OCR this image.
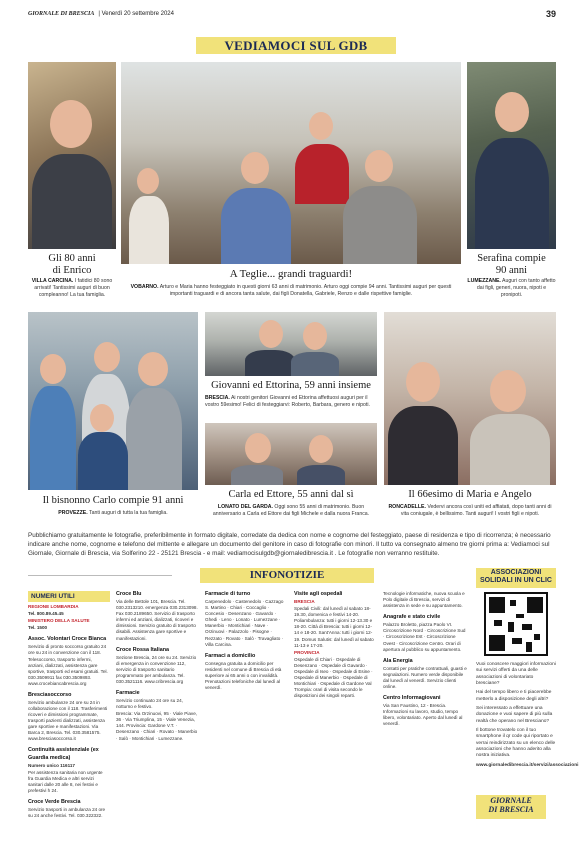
GIORNALE DI BRESCIA | Venerdì 20 settembre 2024	39
VEDIAMOCI SUL GDB
Gli 80 anni
di Enrico
VILLA CARCINA. I fatidici 80 sono arrivati! Tantissimi auguri di buon compleanno! La tua famiglia.
A Teglie... grandi traguardi!
VOBARNO. Arturo e Maria hanno festeggiato in questi giorni 63 anni di matrimonio. Arturo oggi compie 94 anni. Tantissimi auguri per questi importanti traguardi e di ancora tanta salute, dai figli Donatella, Gabriele, Renzo e dalle rispettive famiglie.
Serafina compie
90 anni
LUMEZZANE. Auguri con tanto affetto dai figli, generi, nuora, nipoti e pronipoti.
Giovanni ed Ettorina, 59 anni insieme
BRESCIA. Ai nostri genitori Giovanni ed Ettorina affettuosi auguri per il vostro 59esimo! Felici di festeggiarvi: Roberto, Barbara, genero e nipoti.
Il bisnonno Carlo compie 91 anni
PROVEZZE. Tanti auguri di tutta la tua famiglia.
Carla ed Ettore, 55 anni dal sì
LONATO DEL GARDA. Oggi sono 55 anni di matrimonio. Buon anniversario a Carla ed Ettore dai figli Michele e dalla nuora Franca.
Il 66esimo di Maria e Angelo
RONCADELLE. Vedervi ancora così uniti ed affiatati, dopo tanti anni di vita coniugale, è bellissimo. Tanti auguri! I vostri figli e nipoti.
Pubblichiamo gratuitamente le fotografie, preferibilmente in formato digitale, corredate da dedica con nome e cognome del festeggiato, paese di residenza e tipo di ricorrenza; è necessario indicare anche nome, cognome e telefono del mittente e allegare un documento del genitore in caso di fotografie con minori. Il tutto va consegnato almeno tre giorni prima a: Vediamoci sul Giornale, Giornale di Brescia, via Solferino 22 - 25121 Brescia - e mail: vediamocisulgdb@giornaledibrescia.it . Le fotografie non verranno restituite.
INFONOTIZIE
NUMERI UTILI

REGIONE LOMBARDIA

Tel. 800.89.45.45

MINISTERO DELLA SALUTE

Tel. 1500

Assoc. Volontari Croce Bianca

Servizio di pronto soccorso gratuito 24 ore su 24 in convenzione con il 118. Telesoccorso, trasporto infermi, anziani, dializzati, assistenza gare sportive, trasporti ed esami gratuiti. Tel. 030.3509911 fax 030.3509893. www.crocebiancabrescia.org

Bresciasoccorso

Servizio ambulanze 24 ore su 24 in collaborazione con il 118. Trasferimenti ricoveri e dimissioni programmate, trasporti pazienti dializzati, assistenza gare sportive e manifestazioni. Via Barca 2, Brescia. Tel. 030.3581575. www.bresciasoccorso.it

Continuità assistenziale (ex Guardia medica)

Numero unico 116117

Per assistenza sanitaria non urgente fra Guardia Medica e altri servizi sanitari dalle 20 alle 8, nei festivi e prefestivi h 24.

Croce Verde Brescia

Servizio trasporti in ambulanza 24 ore su 24 anche festivi. Tel. 030.322322.

Croce Blu

Via delle Bettole 101, Brescia. Tel. 030.2313210. emergenza 030.2313098. Fax 030.2189650. Servizio di trasporto infermi ed anziani, dializzati, ricoveri e dimissioni. Servizio gratuito di trasporto disabili. Assistenza gare sportive e manifestazioni.

Croce Rossa Italiana

Sezione Brescia, 24 ore su 24. Servizio di emergenza in convenzione 112, servizio di trasporto sanitario programmato per ambulanza. Tel. 030.3521116. www.cribrescia.org

Farmacie

Servizio continuato 24 ore su 24, notturno e festivo.

Brescia: Via Orzinuovi, 95 · Viale Piave, 36 · Via Triumplina, 15 · Viale Venezia, 144. Provincia: Gardone V.T. · Desenzano · Chiari · Rovato · Manerbio · Salò · Montichiari · Lumezzane.

Farmacie di turno

Carpenedolo · Castenedolo · Cazzago S. Martino · Chiari · Coccaglio · Concesio · Desenzano · Gavardo · Ghedi · Leno · Lonato · Lumezzane · Manerbio · Montichiari · Nave · Orzinuovi · Palazzolo · Pisogne · Rezzato · Rovato · Salò · Travagliato · Villa Carcina.

Farmaci a domicilio

Consegna gratuita a domicilio per residenti nel comune di Brescia di età superiore ai 65 anni o con invalidità. Prenotazioni telefoniche dal lunedì al venerdì.

Visite agli ospedali

BRESCIA

Spedali Civili: dal lunedì al sabato 18-19.30, domenica e festivi 14-20. Poliambulanza: tutti i giorni 12-13.30 e 18-20. Città di Brescia: tutti i giorni 12-14 e 18-20. Sant'Anna: tutti i giorni 12-19. Domus Salutis: dal lunedì al sabato 11-13 e 17-20.

PROVINCIA

Ospedale di Chiari · Ospedale di Desenzano · Ospedale di Gavardo · Ospedale di Iseo · Ospedale di Esine · Ospedale di Manerbio · Ospedale di Montichiari · Ospedale di Gardone Val Trompia: orari di visita secondo le disposizioni dei singoli reparti.

Tecnologie informatiche, nuova scuola e Polo digitale di Brescia, servizi di assistenza in sede e su appuntamento.

Anagrafe e stato civile

Palazzo Broletto, piazza Paolo VI. Circoscrizione Nord · Circoscrizione Sud · Circoscrizione Est · Circoscrizione Ovest · Circoscrizione Centro. Orari di apertura al pubblico su appuntamento.

Ala Energia

Contatti per pratiche contrattuali, guasti e segnalazioni. Numero verde disponibile dal lunedì al venerdì. Servizio clienti online.

Centro Informagiovani

Via San Faustino, 12 - Brescia. Informazioni su lavoro, studio, tempo libero, volontariato. Aperto dal lunedì al venerdì.

ASSOCIAZIONI
SOLIDALI IN UN CLIC

Vuoi conoscere maggiori informazioni sui servizi offerti da una delle associazioni di volontariato bresciane?

Hai del tempo libero e ti piacerebbe metterlo a disposizione degli altri?

Sei interessato a effettuare una donazione e vuoi sapere di più sulla realtà che operano nel Bresciano?

Il bottone trovatelo con il tuo smartphone il qr code qui riportato e verrai reindirizzato su un elenco delle associazioni che hanno aderito alla nostra iniziativa.

www.giornaledibrescia.it/servizi/associazioni

GIORNALE
DI BRESCIA
